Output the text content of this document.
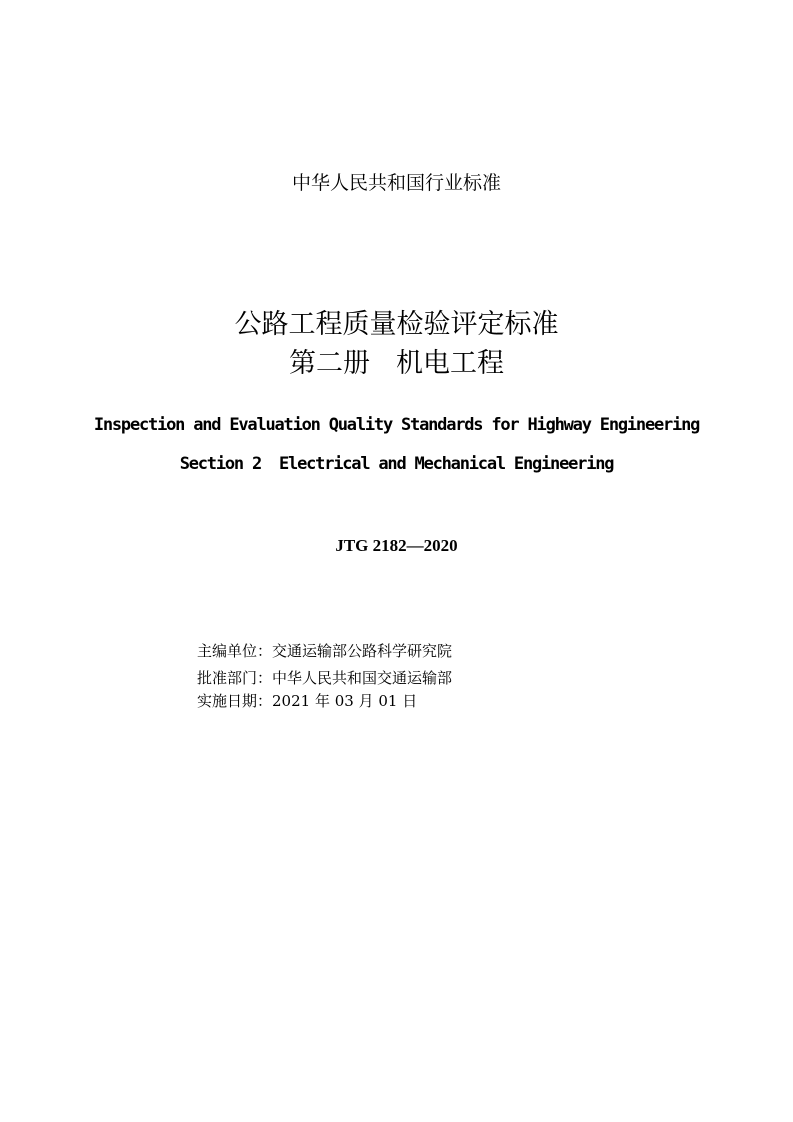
中华人民共和国行业标准
公路工程质量检验评定标准
第二册 机电工程
Inspection and Evaluation Quality Standards for Highway Engineering
Section 2 Electrical and Mechanical Engineering
JTG 2182—2020
主编单位：交通运输部公路科学研究院
批准部门：中华人民共和国交通运输部
实施日期：2021 年 03 月 01 日
